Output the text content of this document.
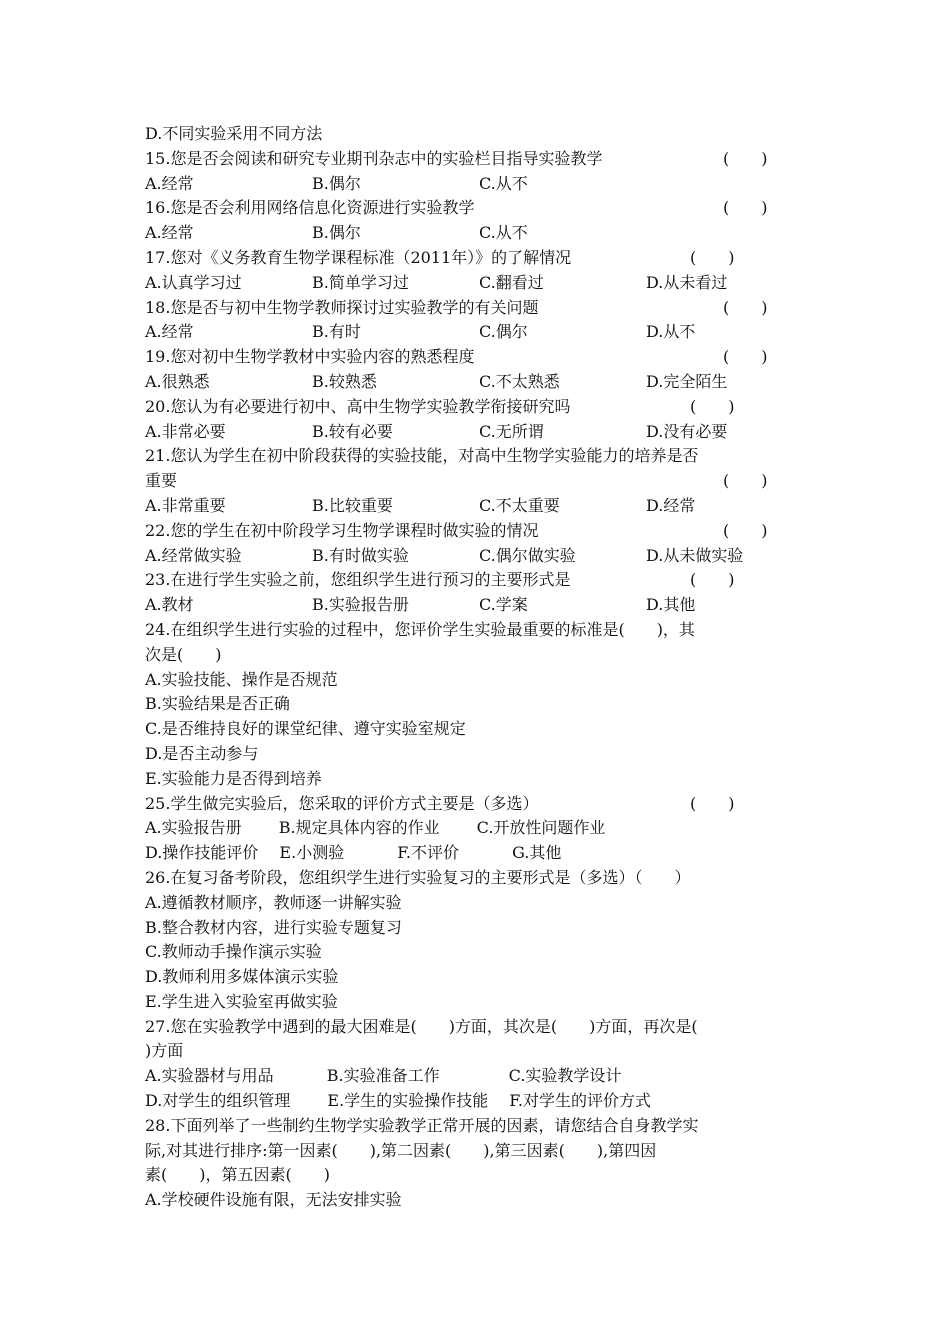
D.不同实验采用不同方法
15.您是否会阅读和研究专业期刊杂志中的实验栏目指导实验教学	(　　)
A.经常	B.偶尔	C.从不
16.您是否会利用网络信息化资源进行实验教学	(　　)
A.经常	B.偶尔	C.从不
17.您对《义务教育生物学课程标准（2011年）》的了解情况	(　　)
A.认真学习过	B.简单学习过	C.翻看过	D.从未看过
18.您是否与初中生物学教师探讨过实验教学的有关问题	(　　)
A.经常	B.有时	C.偶尔	D.从不
19.您对初中生物学教材中实验内容的熟悉程度	(　　)
A.很熟悉	B.较熟悉	C.不太熟悉	D.完全陌生
20.您认为有必要进行初中、高中生物学实验教学衔接研究吗	(　　)
A.非常必要	B.较有必要	C.无所谓	D.没有必要
21.您认为学生在初中阶段获得的实验技能，对高中生物学实验能力的培养是否
重要	(　　)
A.非常重要	B.比较重要	C.不太重要	D.经常
22.您的学生在初中阶段学习生物学课程时做实验的情况	(　　)
A.经常做实验	B.有时做实验	C.偶尔做实验	D.从未做实验
23.在进行学生实验之前，您组织学生进行预习的主要形式是	(　　)
A.教材	B.实验报告册	C.学案	D.其他
24.在组织学生进行实验的过程中，您评价学生实验最重要的标准是(　　)，其
次是(　　)
A.实验技能、操作是否规范
B.实验结果是否正确
C.是否维持良好的课堂纪律、遵守实验室规定
D.是否主动参与
E.实验能力是否得到培养
25.学生做完实验后，您采取的评价方式主要是（多选）	(　　)
A.实验报告册　　 B.规定具体内容的作业　　 C.开放性问题作业
D.操作技能评价　 E.小测验　　　 F.不评价　　　 G.其他
26.在复习备考阶段，您组织学生进行实验复习的主要形式是（多选）（　　）
A.遵循教材顺序，教师逐一讲解实验
B.整合教材内容，进行实验专题复习
C.教师动手操作演示实验
D.教师利用多媒体演示实验
E.学生进入实验室再做实验
27.您在实验教学中遇到的最大困难是(　　)方面，其次是(　　)方面，再次是(
)方面
A.实验器材与用品　　　 B.实验准备工作　　　　 C.实验教学设计
D.对学生的组织管理　　 E.学生的实验操作技能　 F.对学生的评价方式
28.下面列举了一些制约生物学实验教学正常开展的因素，请您结合自身教学实
际,对其进行排序:第一因素(　　),第二因素(　　),第三因素(　　),第四因
素(　　)，第五因素(　　)
A.学校硬件设施有限，无法安排实验
